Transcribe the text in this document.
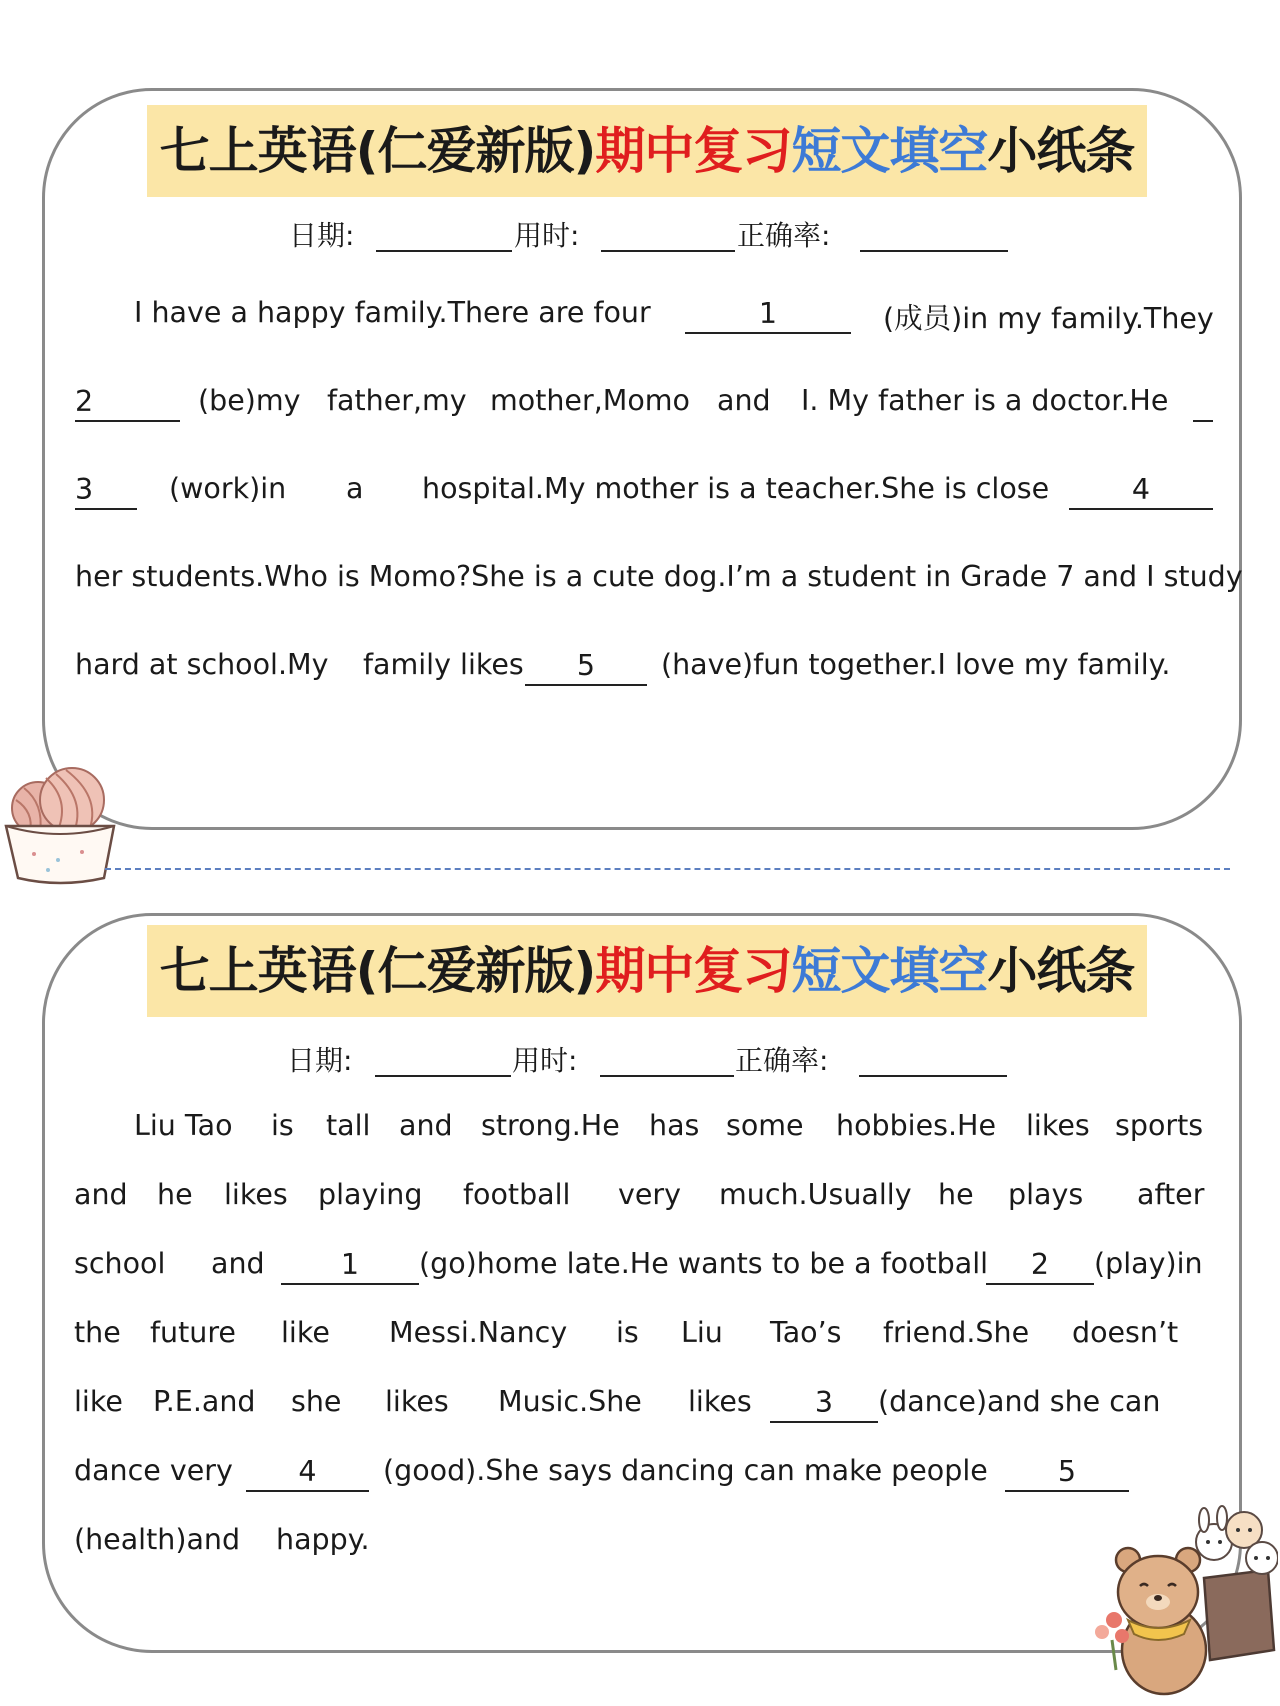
七上英语(仁爱新版)期中复习短文填空小纸条
日期:	用时:	正确率:
I have a happy family.There are four	1	(成员)in my family.They
2	(be)my father,my mother,Momo and I. My father is a doctor.He
3	(work)in a hospital.My mother is a teacher.She is close	4
her students.Who is Momo?She is a cute dog.I’m a student in Grade 7 and I study
hard at school.My family likes	5	(have)fun together.I love my family.
七上英语(仁爱新版)期中复习短文填空小纸条
日期:	用时:	正确率:
Liu Tao is tall and strong.He has some hobbies.He likes sports
and he likes playing football very much.Usually he plays after
school and	1	(go)home late.He wants to be a football	2	(play)in
the future like Messi.Nancy is Liu Tao’s friend.She doesn’t
like P.E.and she likes Music.She likes	3	(dance)and she can
dance very	4	(good).She says dancing can make people	5
(health)and happy.
